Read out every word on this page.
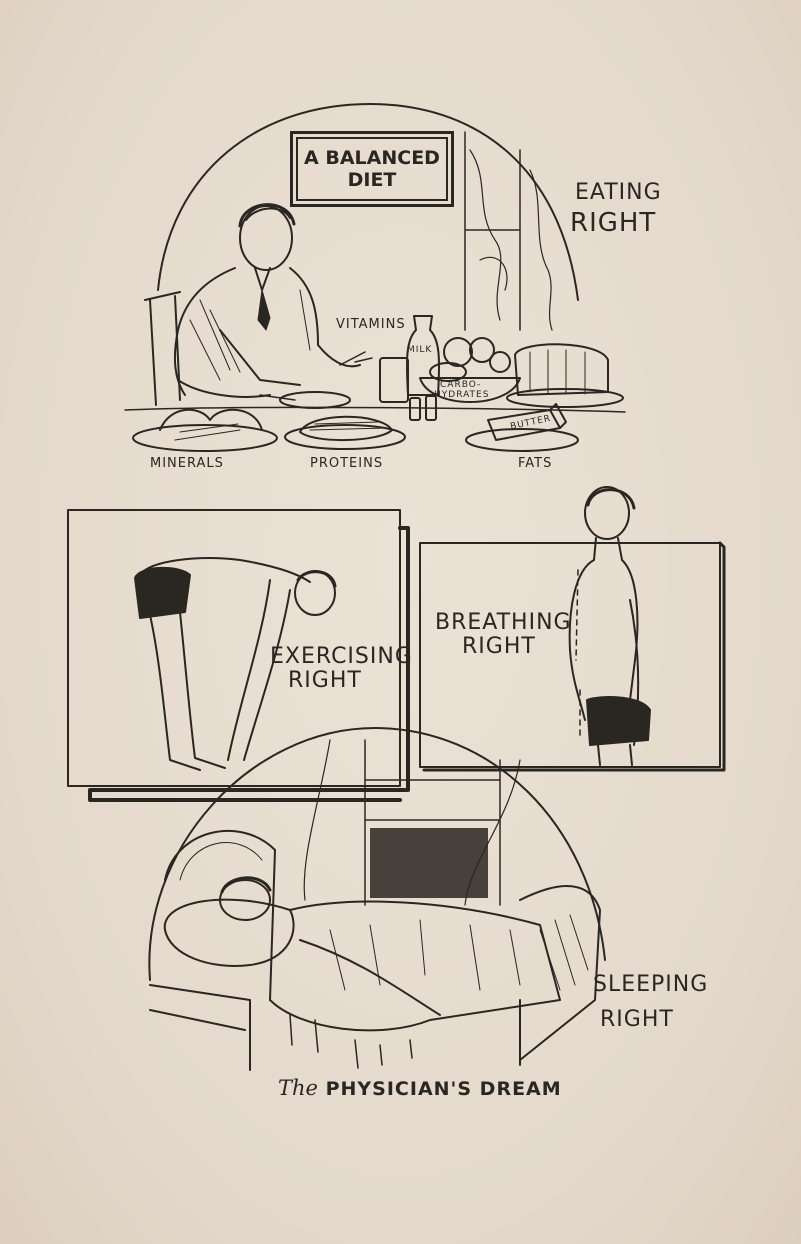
A BALANCED
DIET	EATING
RIGHT
VITAMINS
MILK
CARBO-
HYDRATES
BUTTER
MINERALS	PROTEINS	FATS
EXERCISING
RIGHT
BREATHING
RIGHT
SLEEPING
RIGHT
The PHYSICIAN'S DREAM
